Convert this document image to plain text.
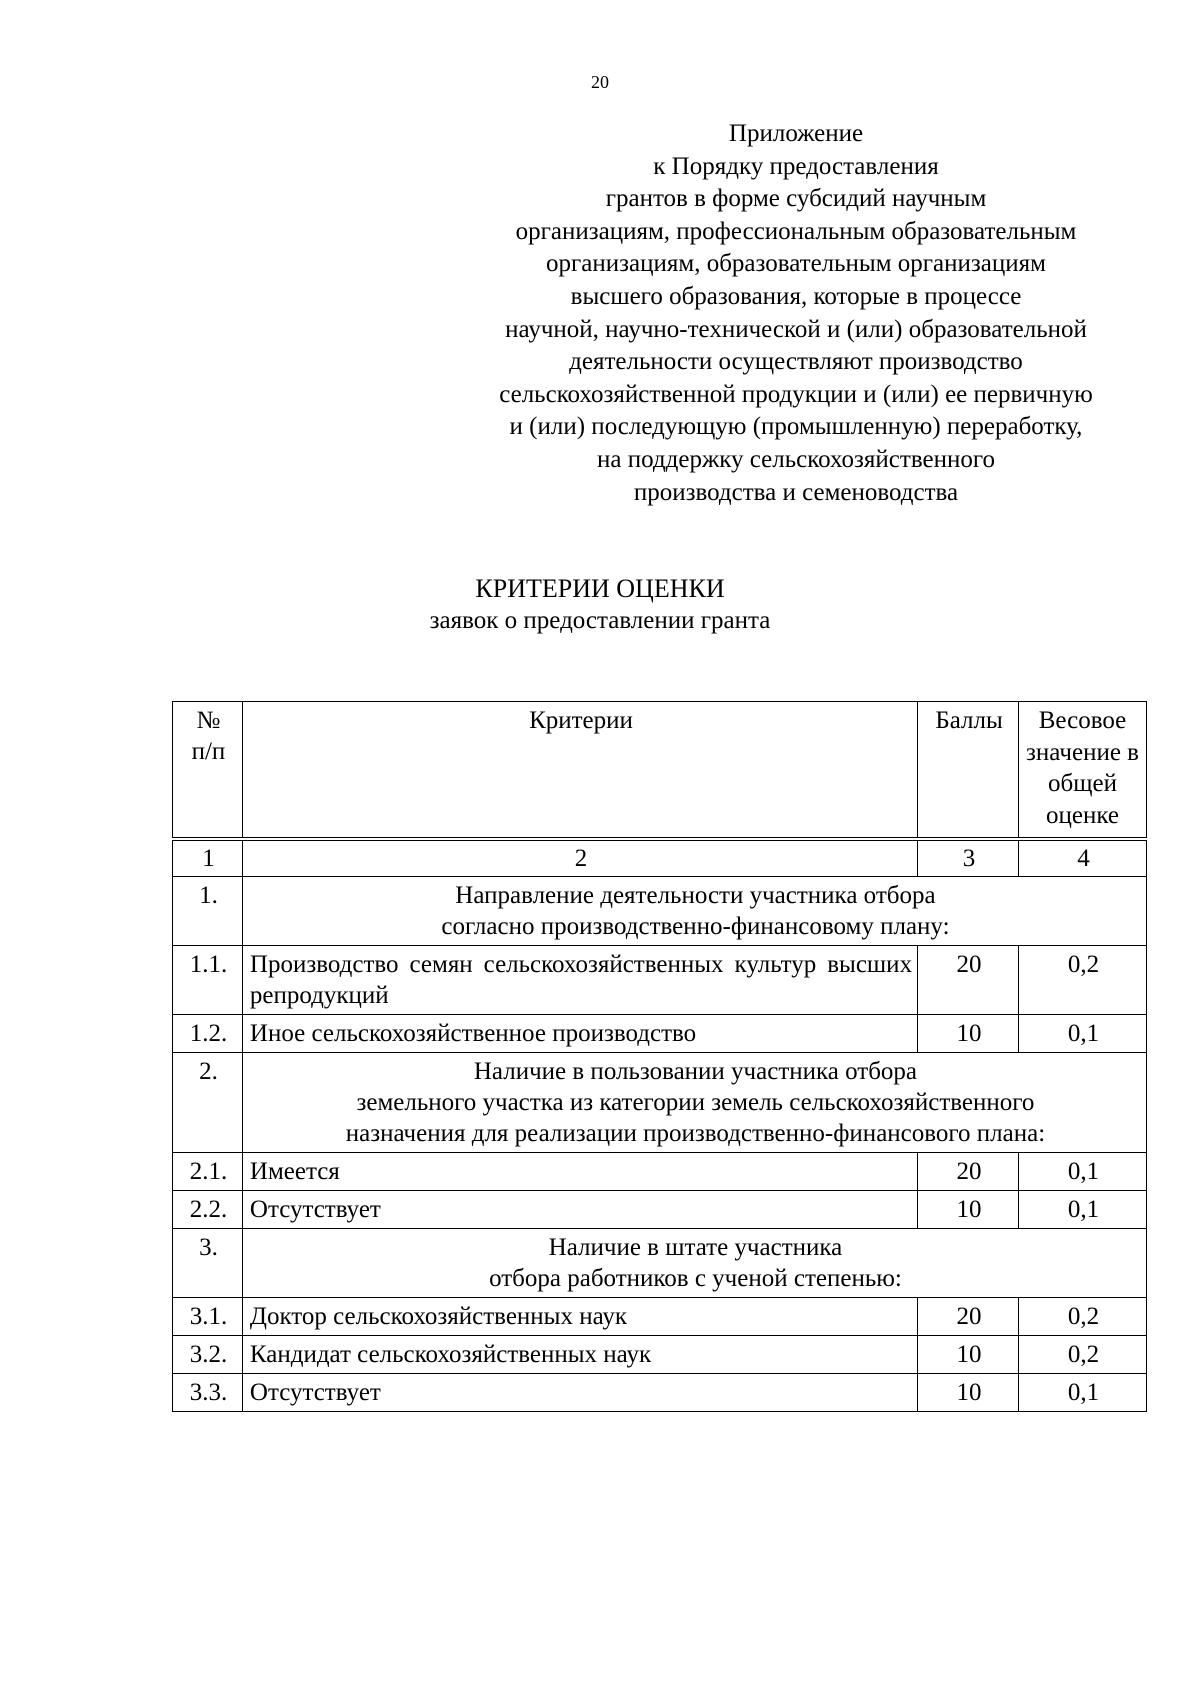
20
Приложение
к Порядку предоставления
грантов в форме субсидий научным
организациям, профессиональным образовательным
организациям, образовательным организациям
высшего образования, которые в процессе
научной, научно-технической и (или) образовательной
деятельности осуществляют производство
сельскохозяйственной продукции и (или) ее первичную
и (или) последующую (промышленную) переработку,
на поддержку сельскохозяйственного
производства и семеноводства
КРИТЕРИИ ОЦЕНКИ
заявок о предоставлении гранта
№
п/п	Критерии	Баллы	Весовое значение в общей оценке
1	2	3	4
1.	Направление деятельности участника отбора
согласно производственно-финансовому плану:		

1.1.	Производство семян сельскохозяйственных культур высших репродукций	20	0,2
1.2.	Иное сельскохозяйственное производство	10	0,1
2.	Наличие в пользовании участника отбора
земельного участка из категории земель сельскохозяйственного
назначения для реализации производственно-финансового плана:		

2.1.	Имеется	20	0,1
2.2.	Отсутствует	10	0,1
3.	Наличие в штате участника
отбора работников с ученой степенью:		

3.1.	Доктор сельскохозяйственных наук	20	0,2
3.2.	Кандидат сельскохозяйственных наук	10	0,2
3.3.	Отсутствует	10	0,1
